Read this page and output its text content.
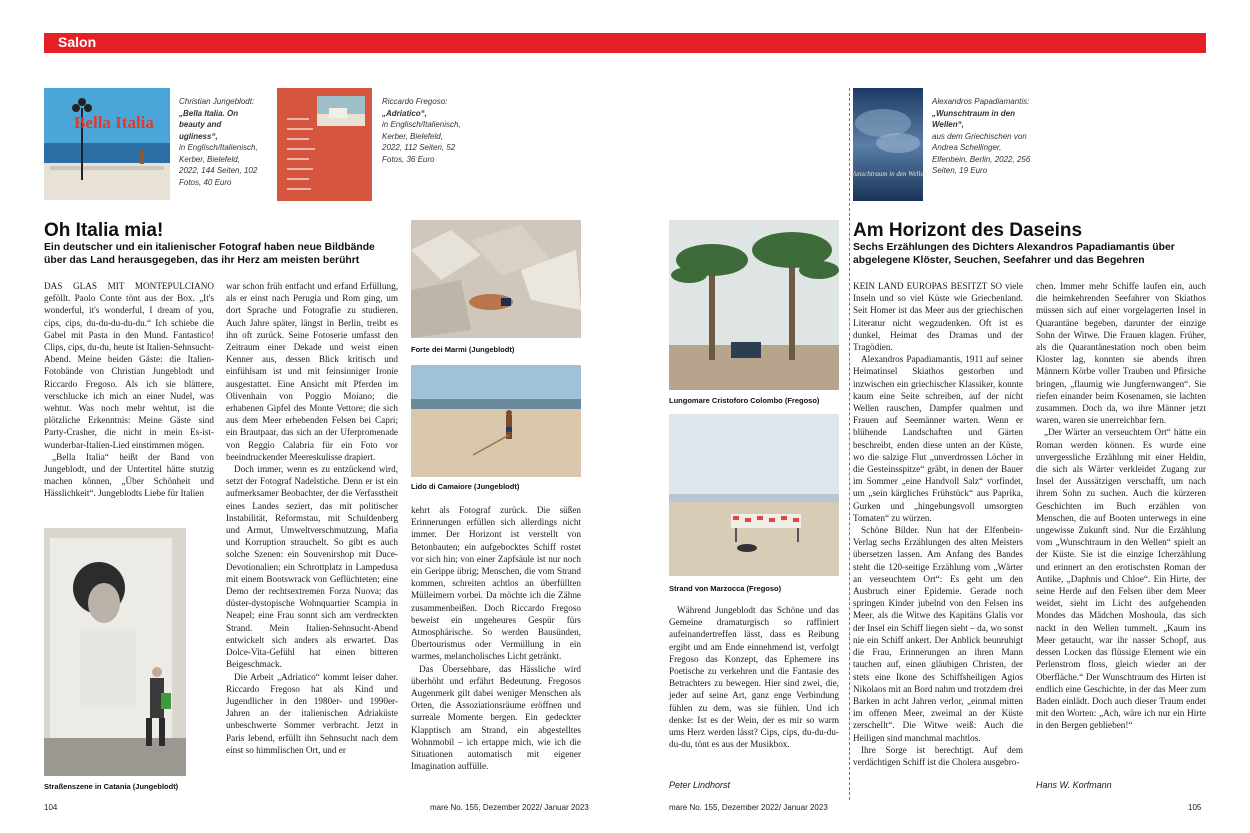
Salon
Bella Italia
Christian Jungeblodt:
„Bella Italia. On beauty and ugliness“,
in Englisch/Italienisch, Kerber, Bielefeld, 2022, 144 Seiten, 102 Fotos, 40 Euro
Riccardo Fregoso:
„Adriatico“,
in Englisch/Italienisch, Kerber, Bielefeld, 2022, 112 Seiten, 52 Fotos, 36 Euro
Wunschtraum in den Wellen
Alexandros Papadiamantis:
„Wunschtraum in den Wellen“,
aus dem Griechischen von Andrea Schellinger, Elfenbein, Berlin, 2022, 256 Seiten, 19 Euro
Oh Italia mia!
Ein deutscher und ein italienischer Fotograf haben neue Bildbände über das Land herausgegeben, das ihr Herz am meisten berührt

DAS GLAS MIT MONTEPULCIANO geföllt. Paolo Conte tönt aus der Box. „It's wonderful, it's wonderful, I dream of you, cips, cips, du-du-du-du-du.“ Ich schiebe die Gabel mit Pasta in den Mund. Fantastico! Clips, cips, du-du, heute ist Italien-Sehnsucht-Abend. Meine beiden Gäste: die Italien-Fotobände von Christian Jungeblodt und Riccardo Fregoso. Als ich sie blättere, verschlucke ich mich an einer Nudel, was wehtut. Was noch mehr wehtut, ist die plötzliche Erkenntnis: Meine Gäste sind Party-Crasher, die nicht in mein Es-ist-wunderbar-Italien-Lied einstimmen mögen.

„Bella Italia“ heißt der Band von Jungeblodt, und der Untertitel hätte stutzig machen können, „Über Schönheit und Hässlichkeit“. Jungeblodts Liebe für Italien

Straßenszene in Catania (Jungeblodt)

war schon früh entfacht und erfand Erfüllung, als er einst nach Perugia und Rom ging, um dort Sprache und Fotografie zu studieren. Auch Jahre später, längst in Berlin, treibt es ihn oft zurück. Seine Fotoserie umfasst den Zeitraum einer Dekade und weist einen Kenner aus, dessen Blick kritisch und einfühlsam ist und mit feinsinniger Ironie ausgestattet. Eine Ansicht mit Pferden im Olivenhain von Poggio Moiano; die erhabenen Gipfel des Monte Vettore; die sich aus dem Meer erhebenden Felsen bei Capri; ein Brautpaar, das sich an der Uferpromenade von Reggio Calabria für ein Foto vor beeindruckender Meereskulisse drapiert.

Doch immer, wenn es zu entzückend wird, setzt der Fotograf Nadelstiche. Denn er ist ein aufmerksamer Beobachter, der die Verfasstheit eines Landes seziert, das mit politischer Instabilität, Reformstau, mit Schuldenberg und Armut, Umweltverschmutzung, Mafia und Korruption strauchelt. So gibt es auch solche Szenen: ein Souvenirshop mit Duce-Devotionalien; ein Schrottplatz in Lampedusa mit einem Bootswrack von Geflüchteten; eine Demo der rechtsextremen Forza Nuova; das düster-dystopische Wohnquartier Scampia in Neapel; eine Frau sonnt sich am verdreckten Strand. Mein Italien-Sehnsucht-Abend entwickelt sich anders als erwartet. Das Dolce-Vita-Gefühl hat einen bitteren Beigeschmack.

Die Arbeit „Adriatico“ kommt leiser daher. Riccardo Fregoso hat als Kind und Jugendlicher in den 1980er- und 1990er-Jahren an der italienischen Adriaküste unbeschwerte Sommer verbracht. Jetzt in Paris lebend, erfüllt ihn Sehnsucht nach dem einst so himmlischen Ort, und er

Forte dei Marmi (Jungeblodt)
Lido di Camaiore (Jungeblodt)

kehrt als Fotograf zurück. Die süßen Erinnerungen erfüllen sich allerdings nicht immer. Der Horizont ist verstellt von Betonbauten; ein aufgebocktes Schiff rostet vor sich hin; von einer Zapfsäule ist nur noch ein Gerippe übrig; Menschen, die vom Strand kommen, schreiten achtlos an überfüllten Mülleimern vorbei. Da möchte ich die Zähne zusammenbeißen. Doch Riccardo Fregoso beweist ein ungeheures Gespür fürs Atmosphärische. So werden Bausünden, Übertourismus oder Vermüllung in ein warmes, melancholisches Licht getränkt.

Das Übersehbare, das Hässliche wird überhöht und erfährt Bedeutung. Fregosos Augenmerk gilt dabei weniger Menschen als Orten, die Assoziationsräume eröffnen und surreale Momente bergen. Ein gedeckter Klapptisch am Strand, ein abgestelltes Wohnmobil – ich ertappe mich, wie ich die Situationen automatisch mit eigener Imagination auffülle.

Lungomare Cristoforo Colombo (Fregoso)
Strand von Marzocca (Fregoso)

Während Jungeblodt das Schöne und das Gemeine dramaturgisch so raffiniert aufeinandertreffen lässt, dass es Reibung ergibt und am Ende einnehmend ist, verfolgt Fregoso das Konzept, das Ephemere ins Poetische zu verkehren und die Fantasie des Betrachters zu bewegen. Hier sind zwei, die, jeder auf seine Art, ganz enge Verbindung fühlen zu dem, was sie fühlen. Und ich denke: Ist es der Wein, der es mir so warm ums Herz werden lässt? Cips, cips, du-du-du-du-du, tönt es aus der Musikbox.

Peter Lindhorst
Am Horizont des Daseins
Sechs Erzählungen des Dichters Alexandros Papadiamantis über abgelegene Klöster, Seuchen, Seefahrer und das Begehren

KEIN LAND EUROPAS BESITZT SO viele Inseln und so viel Küste wie Griechenland. Seit Homer ist das Meer aus der griechischen Literatur nicht wegzudenken. Oft ist es dunkel, Heimat des Dramas und der Tragödien.

Alexandros Papadiamantis, 1911 auf seiner Heimatinsel Skiathos gestorben und inzwischen ein griechischer Klassiker, konnte kaum eine Seite schreiben, auf der nicht Wellen rauschen, Dampfer qualmen und Frauen auf Seemänner warten. Wenn er blühende Landschaften und Gärten beschreibt, enden diese unten an der Küste, wo die salzige Flut „unverdrossen Löcher in die Gesteinsspitze“ gräbt, in denen der Bauer im Sommer „eine Handvoll Salz“ vorfindet, um „sein kärgliches Frühstück“ aus Paprika, Gurken und „hingebungsvoll umsorgten Tomaten“ zu würzen.

Schöne Bilder. Nun hat der Elfenbein-Verlag sechs Erzählungen des alten Meisters übersetzen lassen. Am Anfang des Bandes steht die 120-seitige Erzählung vom „Wärter an verseuchtem Ort“: Es geht um den Ausbruch einer Epidemie. Gerade noch springen Kinder jubelnd von den Felsen ins Meer, als die Witwe des Kapitäns Glalis vor der Insel ein Schiff liegen sieht – da, wo sonst nie ein Schiff ankert. Der Anblick beunruhigt die Frau, Erinnerungen an ihren Mann tauchen auf, einen gläubigen Christen, der stets eine Ikone des Schiffsheiligen Agios Nikolaos mit an Bord nahm und trotzdem drei Barken in acht Jahren verlor, „einmal mitten im offenen Meer, zweimal an der Küste zerschellt“. Die Witwe weiß: Auch die Heiligen sind manchmal machtlos.

Ihre Sorge ist berechtigt. Auf dem verdächtigen Schiff ist die Cholera ausgebro-

chen. Immer mehr Schiffe laufen ein, auch die heimkehrenden Seefahrer von Skiathos müssen sich auf einer vorgelagerten Insel in Quarantäne begeben, darunter der einzige Sohn der Witwe. Die Frauen klagen. Früher, als die Quarantänestation noch oben beim Kloster lag, konnten sie abends ihren Männern Körbe voller Trauben und Pfirsiche bringen, „flaumig wie Jungfernwangen“. Sie riefen einander beim Kosenamen, sie lachten zusammen. Doch da, wo ihre Männer jetzt waren, waren sie unerreichbar fern.

„Der Wärter an verseuchtem Ort“ hätte ein Roman werden können. Es wurde eine unvergessliche Erzählung mit einer Heldin, die sich als Wärter verkleidet Zugang zur Insel der Aussätzigen verschafft, um nach ihrem Sohn zu suchen. Auch die kürzeren Geschichten im Buch erzählen von Menschen, die auf Booten unterwegs in eine ungewisse Zukunft sind. Nur die Erzählung vom „Wunschtraum in den Wellen“ spielt an der Küste. Sie ist die einzige Icherzählung und erinnert an den erotischsten Roman der Antike, „Daphnis und Chloe“. Ein Hirte, der seine Herde auf den Felsen über dem Meer weidet, sieht im Licht des aufgehenden Mondes das Mädchen Moshoula, das sich nackt in den Wellen tummelt. „Kaum ins Meer getaucht, war ihr nasser Schopf, aus dessen Locken das flüssige Element wie ein Perlenstrom floss, gleich wieder an der Oberfläche.“ Der Wunschtraum des Hirten ist endlich eine Geschichte, in der das Meer zum Baden einlädt. Doch auch dieser Traum endet mit den Worten: „Ach, wäre ich nur ein Hirte in den Bergen geblieben!“

Hans W. Korfmann
104	mare No. 155, Dezember 2022/ Januar 2023	mare No. 155, Dezember 2022/ Januar 2023	105
